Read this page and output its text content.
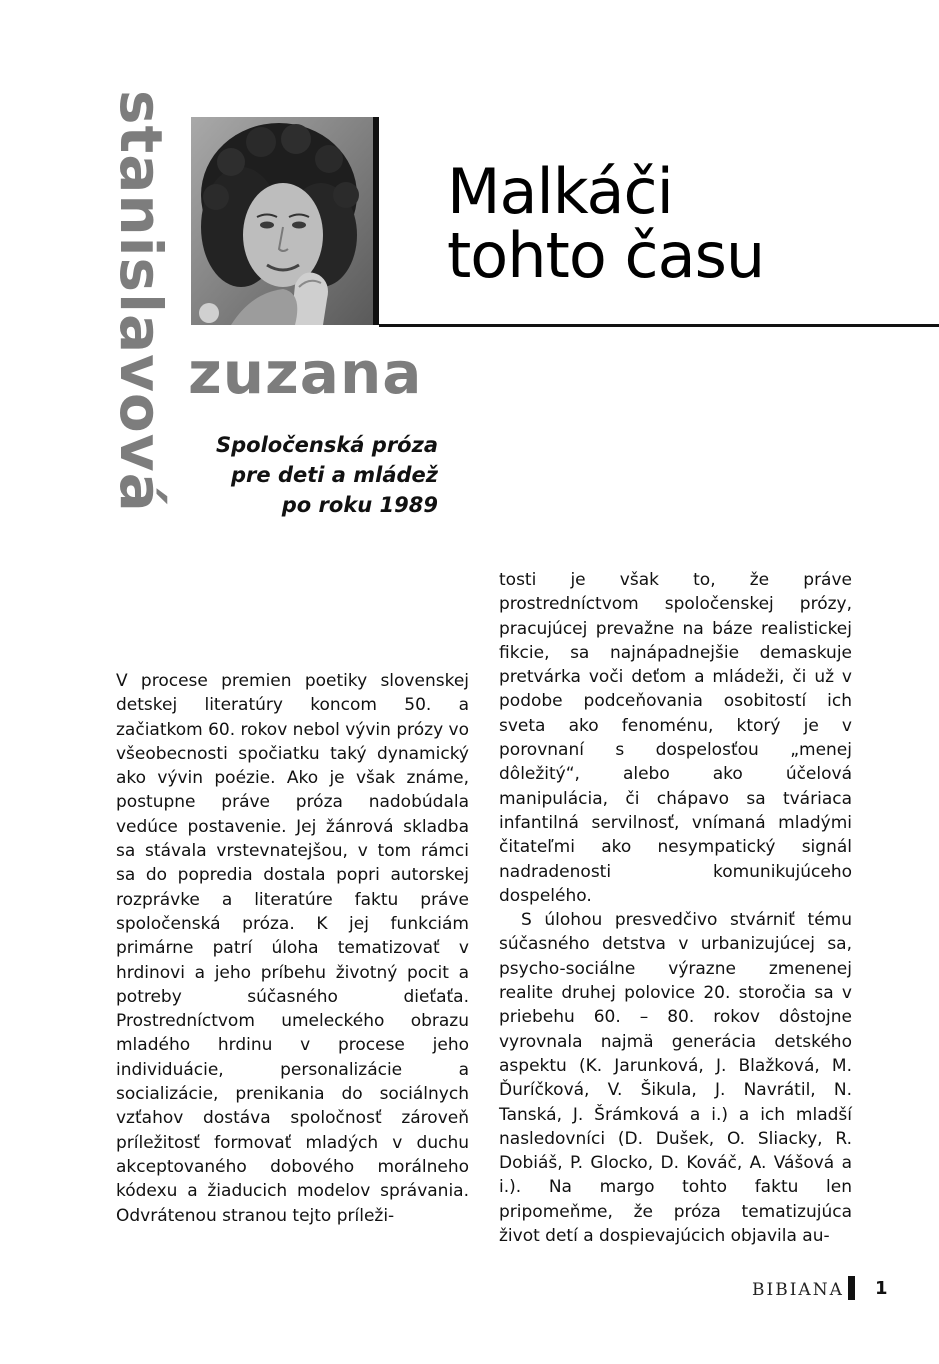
stanislavová	Malkáči
tohto času
zuzana
Spoločenská próza
pre deti a mládež
po roku 1989

V procese premien poetiky slovenskej detskej literatúry koncom 50. a začiatkom 60. rokov nebol vývin prózy vo všeobecnosti spočiatku taký dynamický ako vývin poézie. Ako je však známe, postupne práve próza nadobúdala vedúce postavenie. Jej žánrová skladba sa stávala vrstevnatejšou, v tom rámci sa do popredia dostala popri autorskej rozprávke a literatúre faktu práve spoločenská próza. K jej funkciám primárne patrí úloha tematizovať v hrdinovi a jeho príbehu životný pocit a potreby súčasného dieťaťa. Prostredníctvom umeleckého obrazu mladého hrdinu v procese jeho individuácie, personalizácie a socializácie, prenikania do sociálnych vzťahov dostáva spoločnosť zároveň príležitosť formovať mladých v duchu akceptovaného dobového morálneho kódexu a žiaducich modelov správania. Odvrátenou stranou tejto príleži-

tosti je však to, že práve prostredníctvom spoločenskej prózy, pracujúcej prevažne na báze realistickej fikcie, sa najnápadnejšie demaskuje pretvárka voči deťom a mládeži, či už v podobe podceňovania osobitostí ich sveta ako fenoménu, ktorý je v porovnaní s dospelosťou „menej dôležitý“, alebo ako účelová manipulácia, či chápavo sa tváriaca infantilná servilnosť, vnímaná mladými čitateľmi ako nesympatický signál nadradenosti komunikujúceho dospelého.

S úlohou presvedčivo stvárniť tému súčasného detstva v urbanizujúcej sa, psycho-sociálne výrazne zmenenej realite druhej polovice 20. storočia sa v priebehu 60. – 80. rokov dôstojne vyrovnala najmä generácia detského aspektu (K. Jarunková, J. Blažková, M. Ďuríčková, V. Šikula, J. Navrátil, N. Tanská, J. Šrámková a i.) a ich mladší nasledovníci (D. Dušek, O. Sliacky, R. Dobiáš, P. Glocko, D. Kováč, A. Vášová a i.). Na margo tohto faktu len pripomeňme, že próza tematizujúca život detí a dospievajúcich objavila au-

BIBIANA 1
